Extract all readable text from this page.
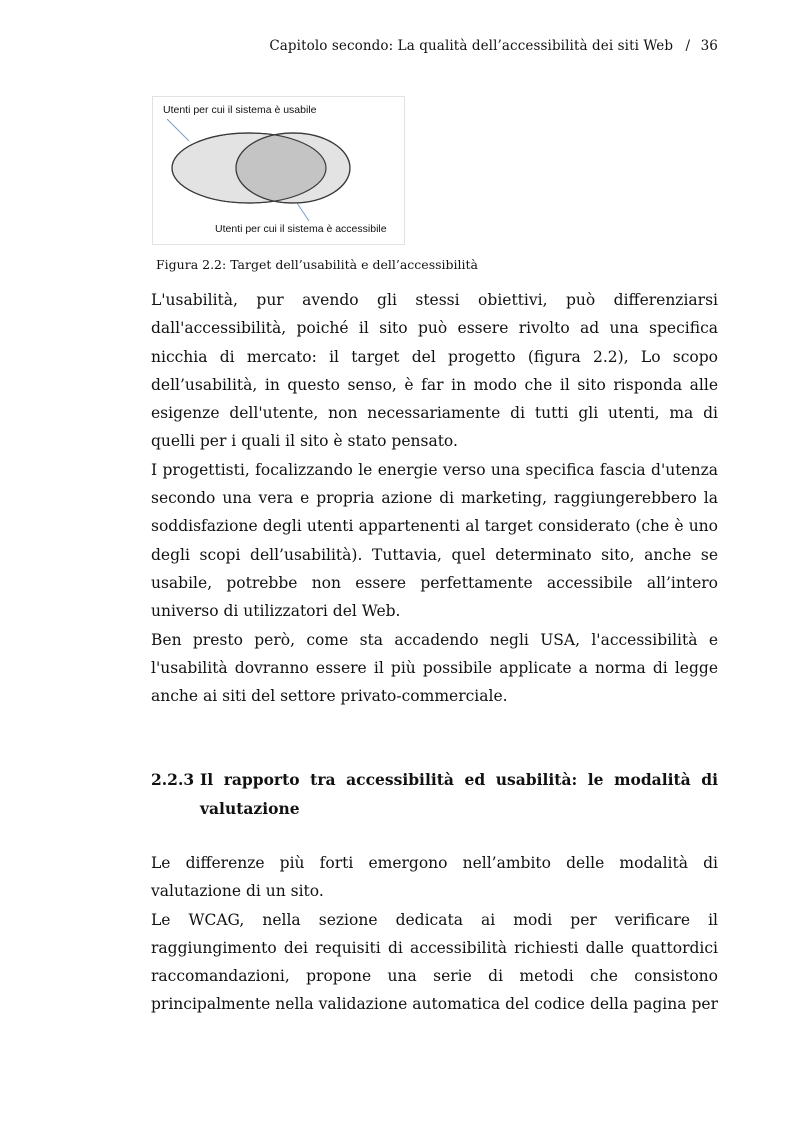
Capitolo secondo: La qualità dell’accessibilità dei siti Web / 36
Utenti per cui il sistema è usabile
Utenti per cui il sistema è accessibile
Figura 2.2: Target dell’usabilità e dell’accessibilità

L'usabilità, pur avendo gli stessi obiettivi, può differenziarsi dall'accessibilità, poiché il sito può essere rivolto ad una specifica nicchia di mercato: il target del progetto (figura 2.2), Lo scopo dell’usabilità, in questo senso, è far in modo che il sito risponda alle esigenze dell'utente, non necessariamente di tutti gli utenti, ma di quelli per i quali il sito è stato pensato.

I progettisti, focalizzando le energie verso una specifica fascia d'utenza secondo una vera e propria azione di marketing, raggiungerebbero la soddisfazione degli utenti appartenenti al target considerato (che è uno degli scopi dell’usabilità). Tuttavia, quel determinato sito, anche se usabile, potrebbe non essere perfettamente accessibile all’intero universo di utilizzatori del Web.

Ben presto però, come sta accadendo negli USA, l'accessibilità e l'usabilità dovranno essere il più possibile applicate a norma di legge anche ai siti del settore privato-commerciale.

2.2.3 Il rapporto tra accessibilità ed usabilità: le modalità di valutazione

Le differenze più forti emergono nell’ambito delle modalità di valutazione di un sito.

Le WCAG, nella sezione dedicata ai modi per verificare il raggiungimento dei requisiti di accessibilità richiesti dalle quattordici raccomandazioni, propone una serie di metodi che consistono principalmente nella validazione automatica del codice della pagina per
